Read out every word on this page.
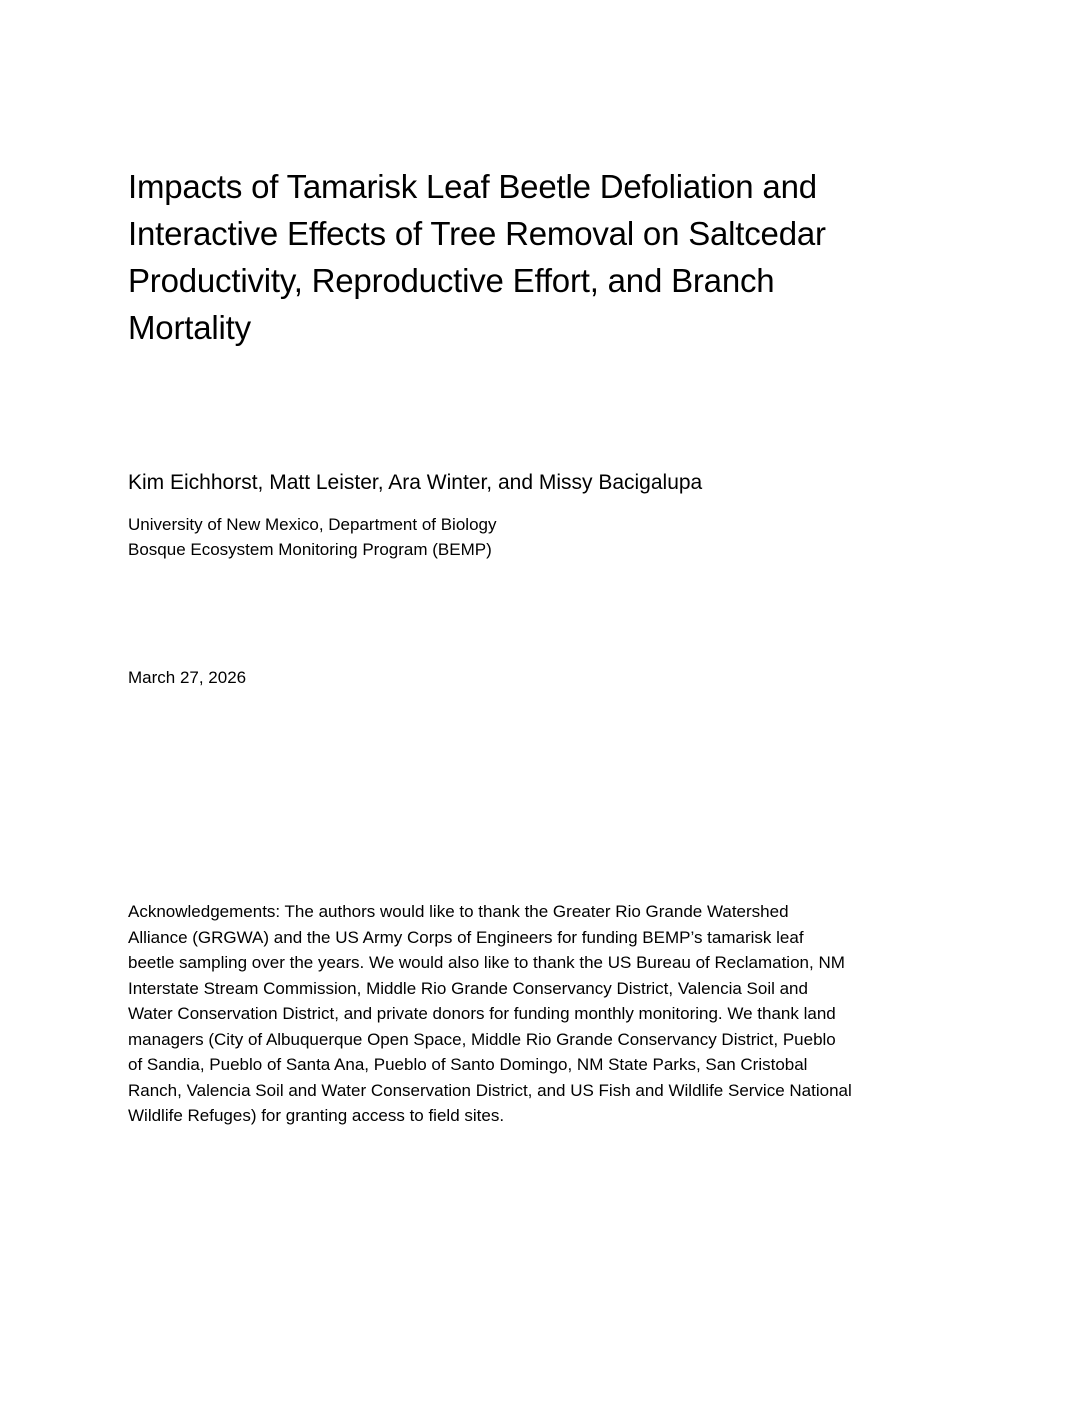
Impacts of Tamarisk Leaf Beetle Defoliation and
Interactive Effects of Tree Removal on Saltcedar
Productivity, Reproductive Effort, and Branch
Mortality

Kim Eichhorst, Matt Leister, Ara Winter, and Missy Bacigalupa

University of New Mexico, Department of Biology
Bosque Ecosystem Monitoring Program (BEMP)

March 27, 2026

Acknowledgements: The authors would like to thank the Greater Rio Grande Watershed
Alliance (GRGWA) and the US Army Corps of Engineers for funding BEMP’s tamarisk leaf
beetle sampling over the years. We would also like to thank the US Bureau of Reclamation, NM
Interstate Stream Commission, Middle Rio Grande Conservancy District, Valencia Soil and
Water Conservation District, and private donors for funding monthly monitoring. We thank land
managers (City of Albuquerque Open Space, Middle Rio Grande Conservancy District, Pueblo
of Sandia, Pueblo of Santa Ana, Pueblo of Santo Domingo, NM State Parks, San Cristobal
Ranch, Valencia Soil and Water Conservation District, and US Fish and Wildlife Service National
Wildlife Refuges) for granting access to field sites.
